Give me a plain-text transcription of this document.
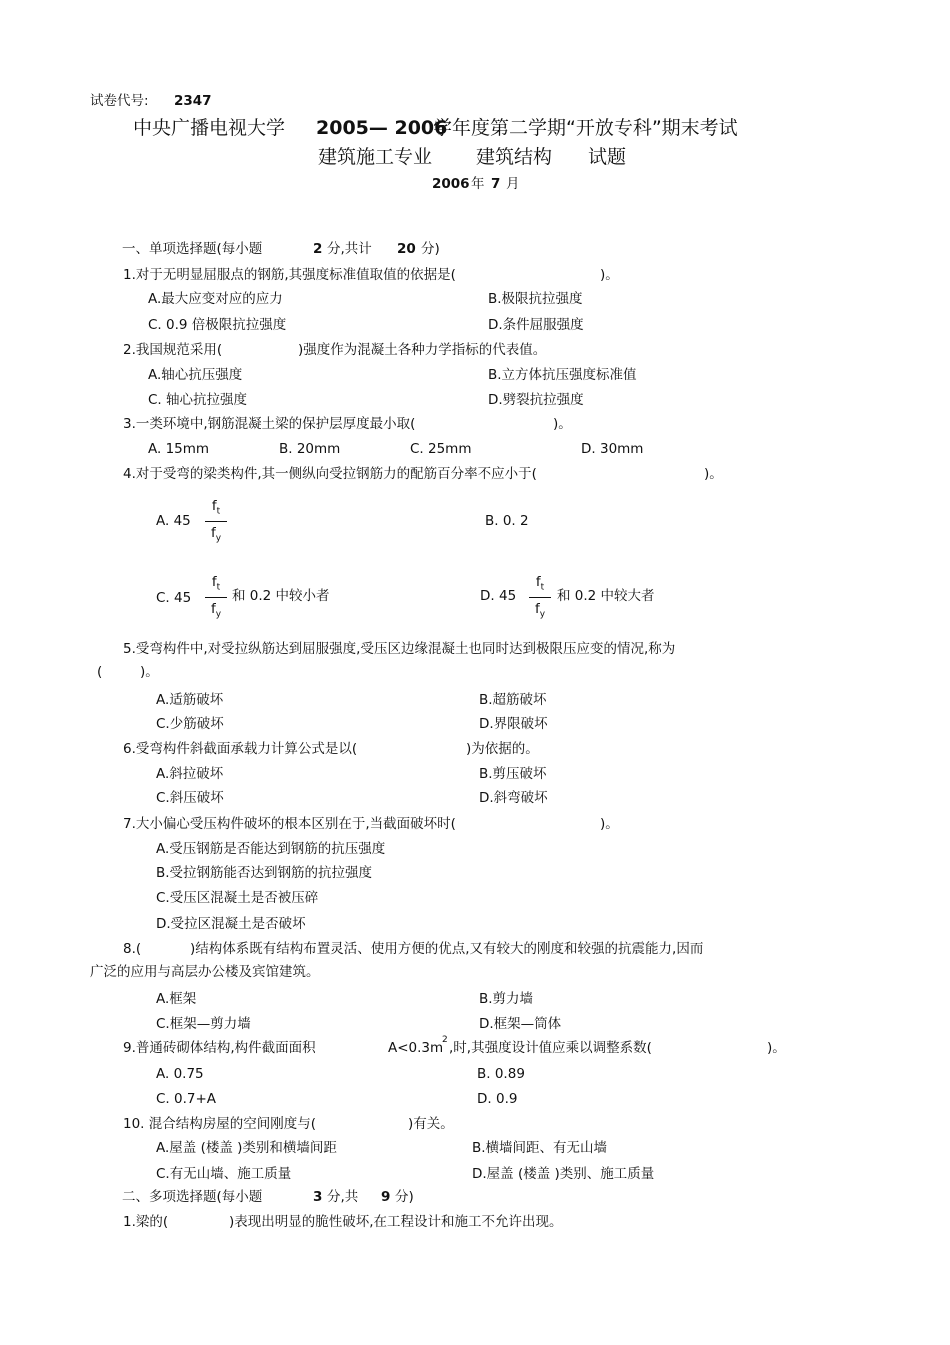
试卷代号: 2347
中央广播电视大学 2005— 2006
学年度第二学期“开放专科”期末考试
建筑施工专业 建筑结构 试题
2006 年 7 月
一、单项选择题(每小题	2 分,共计 20 分)
1.对于无明显屈服点的钢筋,其强度标准值取值的依据是(	)。
A.最大应变对应的应力	B.极限抗拉强度
C. 0.9 倍极限抗拉强度	D.条件屈服强度
2.我国规范采用(	)强度作为混凝土各种力学指标的代表值。
A.轴心抗压强度	B.立方体抗压强度标准值
C. 轴心抗拉强度	D.劈裂抗拉强度
3.一类环境中,钢筋混凝土梁的保护层厚度最小取(	)。
A. 15mm	B. 20mm	C. 25mm	D. 30mm
4.对于受弯的梁类构件,其一侧纵向受拉钢筋力的配筋百分率不应小于(	)。
A. 45
$f_t$
$f_y$
B. 0. 2
C. 45
$f_t$
$f_y$
和 0.2 中较小者	D. 45
$f_t$
$f_y$
和 0.2 中较大者
5.受弯构件中,对受拉纵筋达到屈服强度,受压区边缘混凝土也同时达到极限压应变的情况,称为
(	)。
A.适筋破坏	B.超筋破坏
C.少筋破坏	D.界限破坏
6.受弯构件斜截面承载力计算公式是以(	)为依据的。
A.斜拉破坏	B.剪压破坏
C.斜压破坏	D.斜弯破坏
7.大小偏心受压构件破坏的根本区别在于,当截面破坏时(	)。
A.受压钢筋是否能达到钢筋的抗压强度
B.受拉钢筋能否达到钢筋的抗拉强度
C.受压区混凝土是否被压碎
D.受拉区混凝土是否破坏
8.(	)结构体系既有结构布置灵活、使用方便的优点,又有较大的刚度和较强的抗震能力,因而
广泛的应用与高层办公楼及宾馆建筑。
A.框架	B.剪力墙
C.框架—剪力墙	D.框架—筒体
9.普通砖砌体结构,构件截面面积	A<0.3m
2 ,时,其强度设计值应乘以调整系数(	)。
A. 0.75	B. 0.89
C. 0.7+A	D. 0.9
10. 混合结构房屋的空间刚度与(	)有关。
A.屋盖 (楼盖 )类别和横墙间距	B.横墙间距、有无山墙
C.有无山墙、施工质量	D.屋盖 (楼盖 )类别、施工质量
二、多项选择题(每小题	3 分,共 9 分)
1.梁的(	)表现出明显的脆性破坏,在工程设计和施工不允许出现。
